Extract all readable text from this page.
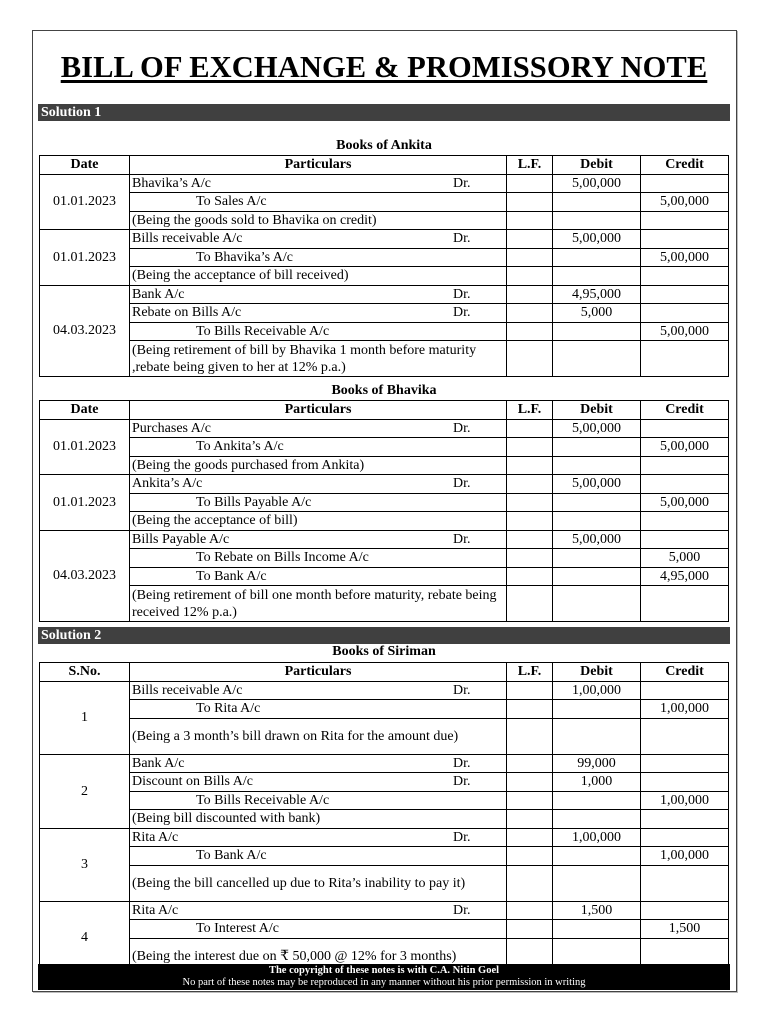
BILL OF EXCHANGE & PROMISSORY NOTE
Solution 1
Books of Ankita
Date	Particulars	L.F.	Debit	Credit
01.01.2023	Bhavika’s A/c Dr.		5,00,000	
	To Sales A/c			5,00,000
	(Being the goods sold to Bhavika on credit)			
01.01.2023	Bills receivable A/c Dr.		5,00,000	
	To Bhavika’s A/c			5,00,000
	(Being the acceptance of bill received)			
04.03.2023	Bank A/c Dr.		4,95,000	
	Rebate on Bills A/c Dr.		5,000	
	To Bills Receivable A/c			5,00,000
	(Being retirement of bill by Bhavika 1 month before maturity ,rebate being given to her at 12% p.a.)			
Books of Bhavika
Date	Particulars	L.F.	Debit	Credit
01.01.2023	Purchases A/c Dr.		5,00,000	
	To Ankita’s A/c			5,00,000
	(Being the goods purchased from Ankita)			
01.01.2023	Ankita’s A/c Dr.		5,00,000	
	To Bills Payable A/c			5,00,000
	(Being the acceptance of bill)			
04.03.2023	Bills Payable A/c Dr.		5,00,000	
	To Rebate on Bills Income A/c			5,000
	To Bank A/c			4,95,000
	(Being retirement of bill one month before maturity, rebate being received 12% p.a.)			
Solution 2
Books of Siriman
S.No.	Particulars	L.F.	Debit	Credit
1	Bills receivable A/c Dr.		1,00,000	
	To Rita A/c			1,00,000
	(Being a 3 month’s bill drawn on Rita for the amount due)			
2	Bank A/c Dr.		99,000	
	Discount on Bills A/c Dr.		1,000	
	To Bills Receivable A/c			1,00,000
	(Being bill discounted with bank)			
3	Rita A/c Dr.		1,00,000	
	To Bank A/c			1,00,000
	(Being the bill cancelled up due to Rita’s inability to pay it)			
4	Rita A/c Dr.		1,500	
	To Interest A/c			1,500
	(Being the interest due on ₹ 50,000 @ 12% for 3 months)			
The copyright of these notes is with C.A. Nitin Goel
No part of these notes may be reproduced in any manner without his prior permission in writing
